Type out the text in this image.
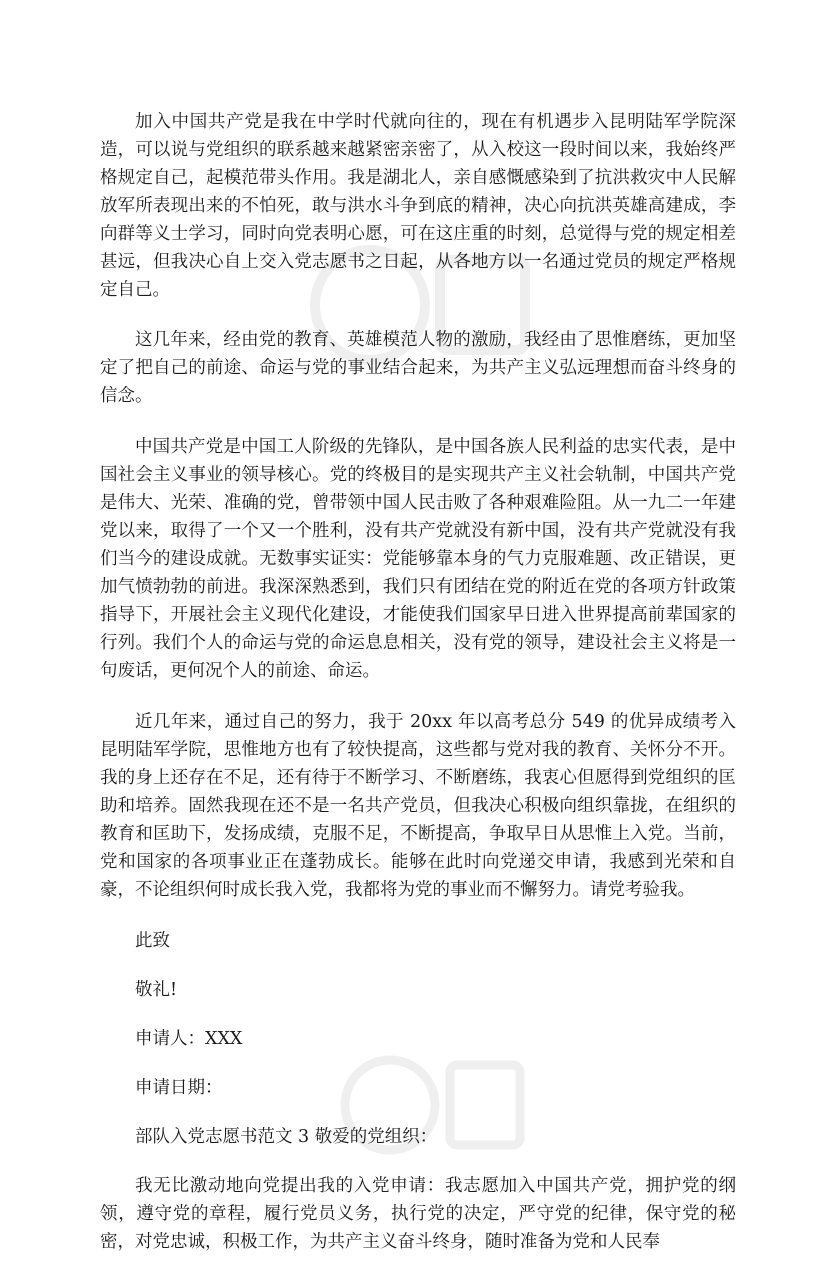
加入中国共产党是我在中学时代就向往的，现在有机遇步入昆明陆军学院深造，可以说与党组织的联系越来越紧密亲密了，从入校这一段时间以来，我始终严格规定自己，起模范带头作用。我是湖北人，亲自感慨感染到了抗洪救灾中人民解放军所表现出来的不怕死，敢与洪水斗争到底的精神，决心向抗洪英雄高建成，李向群等义士学习，同时向党表明心愿，可在这庄重的时刻，总觉得与党的规定相差甚远，但我决心自上交入党志愿书之日起，从各地方以一名通过党员的规定严格规定自己。

这几年来，经由党的教育、英雄模范人物的激励，我经由了思惟磨练，更加坚定了把自己的前途、命运与党的事业结合起来，为共产主义弘远理想而奋斗终身的信念。

中国共产党是中国工人阶级的先锋队，是中国各族人民利益的忠实代表，是中国社会主义事业的领导核心。党的终极目的是实现共产主义社会轨制，中国共产党是伟大、光荣、准确的党，曾带领中国人民击败了各种艰难险阻。从一九二一年建党以来，取得了一个又一个胜利，没有共产党就没有新中国，没有共产党就没有我们当今的建设成就。无数事实证实：党能够靠本身的气力克服难题、改正错误，更加气愤勃勃的前进。我深深熟悉到，我们只有团结在党的附近在党的各项方针政策指导下，开展社会主义现代化建设，才能使我们国家早日进入世界提高前辈国家的行列。我们个人的命运与党的命运息息相关，没有党的领导，建设社会主义将是一句废话，更何况个人的前途、命运。

近几年来，通过自己的努力，我于 20xx 年以高考总分 549 的优异成绩考入昆明陆军学院，思惟地方也有了较快提高，这些都与党对我的教育、关怀分不开。我的身上还存在不足，还有待于不断学习、不断磨练，我衷心但愿得到党组织的匡助和培养。固然我现在还不是一名共产党员，但我决心积极向组织靠拢，在组织的教育和匡助下，发扬成绩，克服不足，不断提高，争取早日从思惟上入党。当前，党和国家的各项事业正在蓬勃成长。能够在此时向党递交申请，我感到光荣和自豪，不论组织何时成长我入党，我都将为党的事业而不懈努力。请党考验我。

此致

敬礼!

申请人：XXX

申请日期：

部队入党志愿书范文 3 敬爱的党组织：

我无比激动地向党提出我的入党申请：我志愿加入中国共产党，拥护党的纲领，遵守党的章程，履行党员义务，执行党的决定，严守党的纪律，保守党的秘密，对党忠诚，积极工作，为共产主义奋斗终身，随时准备为党和人民奉
